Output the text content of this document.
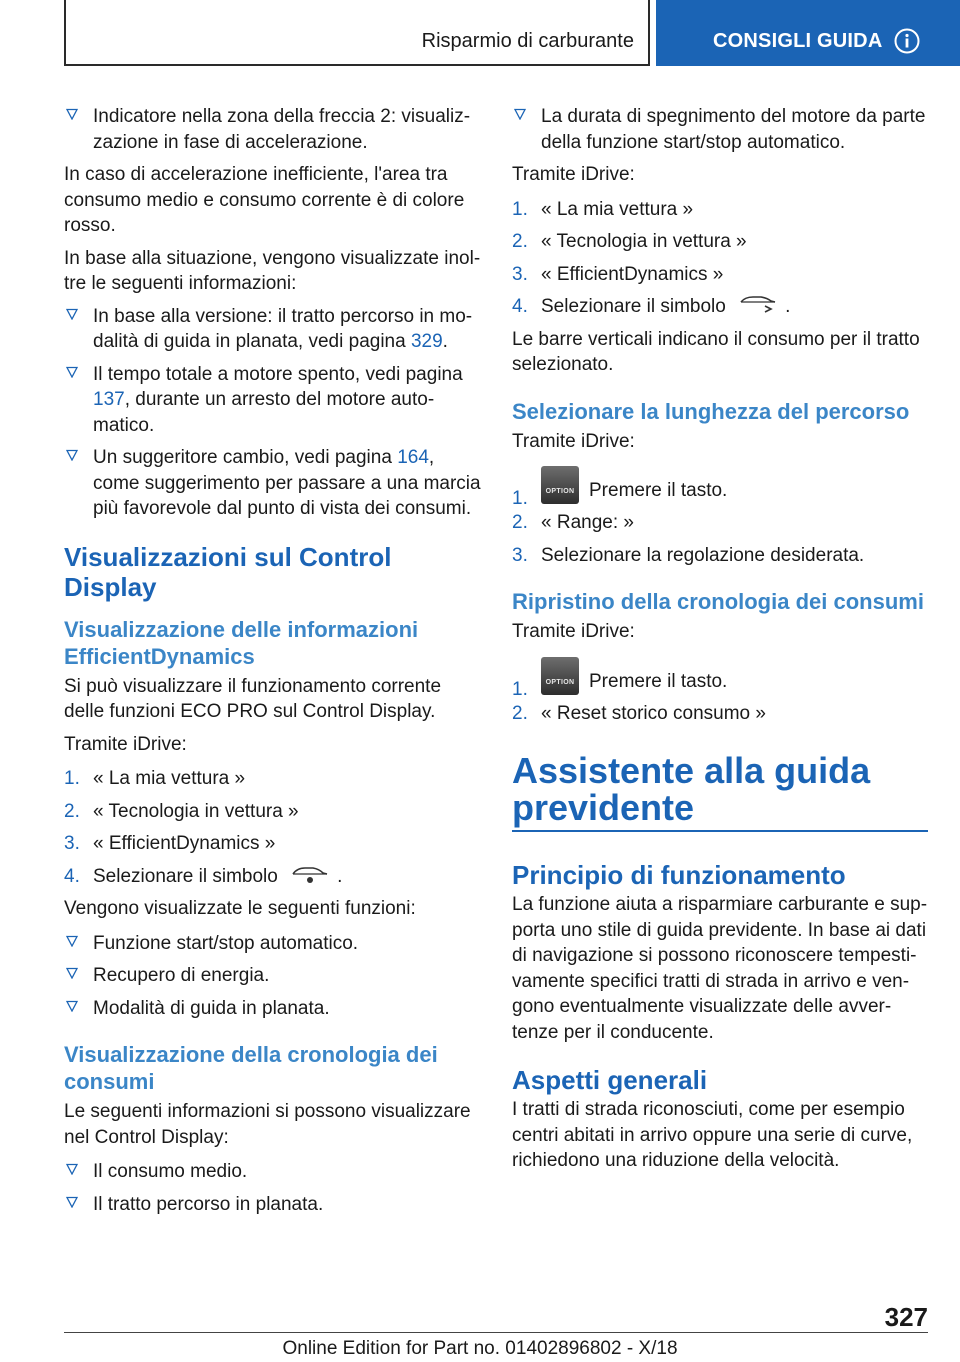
Risparmio di carburante	CONSIGLI GUIDA
Indicatore nella zona della freccia 2: visualizzazione in fase di accelerazione.

In caso di accelerazione inefficiente, l'area tra consumo medio e consumo corrente è di colore rosso.

In base alla situazione, vengono visualizzate inoltre le seguenti informazioni:

In base alla versione: il tratto percorso in modalità di guida in planata, vedi pagina 329.
Il tempo totale a motore spento, vedi pagina 137, durante un arresto del motore automatico.
Un suggeritore cambio, vedi pagina 164, come suggerimento per passare a una marcia più favorevole dal punto di vista dei consumi.
Visualizzazioni sul Control Display
Visualizzazione delle informazioni EfficientDynamics

Si può visualizzare il funzionamento corrente delle funzioni ECO PRO sul Control Display.

Tramite iDrive:

1. « La mia vettura »
2. « Tecnologia in vettura »
3. « EfficientDynamics »
4. Selezionare il simbolo	.

Vengono visualizzate le seguenti funzioni:

Funzione start/stop automatico.
Recupero di energia.
Modalità di guida in planata.
Visualizzazione della cronologia dei consumi

Le seguenti informazioni si possono visualizzare nel Control Display:

Il consumo medio.
Il tratto percorso in planata.
La durata di spegnimento del motore da parte della funzione start/stop automatico.

Tramite iDrive:

1. « La mia vettura »
2. « Tecnologia in vettura »
3. « EfficientDynamics »
4. Selezionare il simbolo	.

Le barre verticali indicano il consumo per il tratto selezionato.

Selezionare la lunghezza del percorso

Tramite iDrive:

1.	OPTION Premere il tasto.
2. « Range: »
3. Selezionare la regolazione desiderata.
Ripristino della cronologia dei consumi

Tramite iDrive:

1.	OPTION Premere il tasto.
2. « Reset storico consumo »
Assistente alla guida previdente
Principio di funzionamento

La funzione aiuta a risparmiare carburante e supporta uno stile di guida previdente. In base ai dati di navigazione si possono riconoscere tempestivamente specifici tratti di strada in arrivo e vengono eventualmente visualizzate delle avvertenze per il conducente.

Aspetti generali

I tratti di strada riconosciuti, come per esempio centri abitati in arrivo oppure una serie di curve, richiedono una riduzione della velocità.

327
Online Edition for Part no. 01402896802 - X/18
